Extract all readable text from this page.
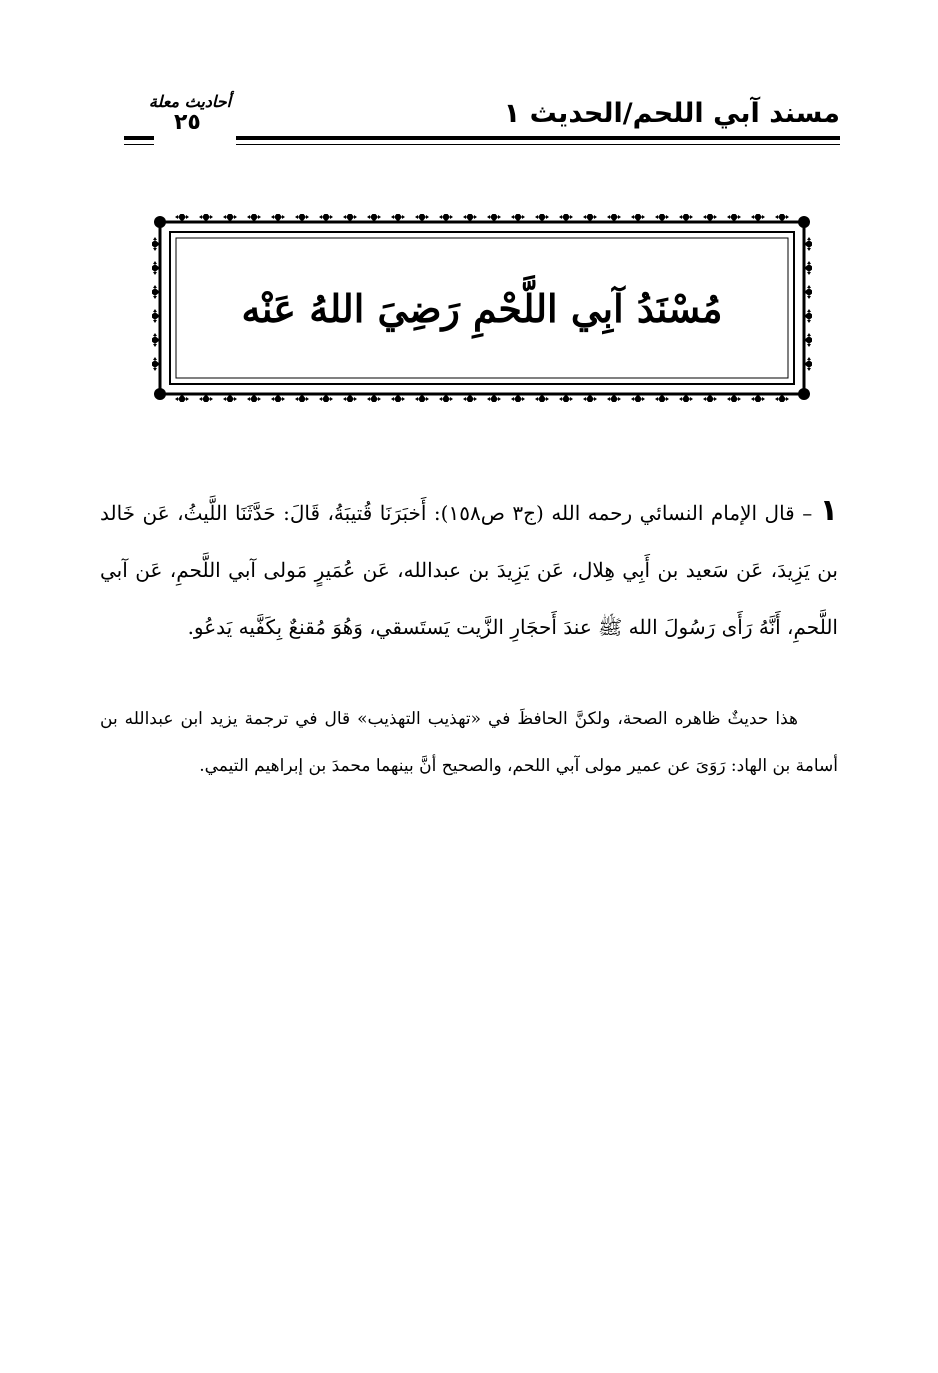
أحاديث معلة
٢٥	مسند آبي اللحم/الحديث ١
مُسْنَدُ آبِي اللَّحْمِ رَضِيَ اللهُ عَنْه
١ – قال الإمام النسائي رحمه الله (ج٣ ص١٥٨): أَخبَرَنَا قُتيبَةُ، قَالَ: حَدَّثَنَا اللَّيثُ، عَن خَالد بن يَزِيدَ، عَن سَعيد بن أَبِي هِلال، عَن يَزِيدَ بن عبدالله، عَن عُمَيرٍ مَولى آبي اللَّحمِ، عَن آبي اللَّحمِ، أَنَّهُ رَأَى رَسُولَ الله ﷺ عندَ أَحجَارِ الزَّيت يَستَسقي، وَهُوَ مُقنعٌ بِكَفَّيه يَدعُو.
هذا حديثٌ ظاهره الصحة، ولكنَّ الحافظَ في «تهذيب التهذيب» قال في ترجمة يزيد ابن عبدالله بن أسامة بن الهاد: رَوَىَ عن عمير مولى آبي اللحم، والصحيح أنَّ بينهما محمدَ بن إبراهيم التيمي.
